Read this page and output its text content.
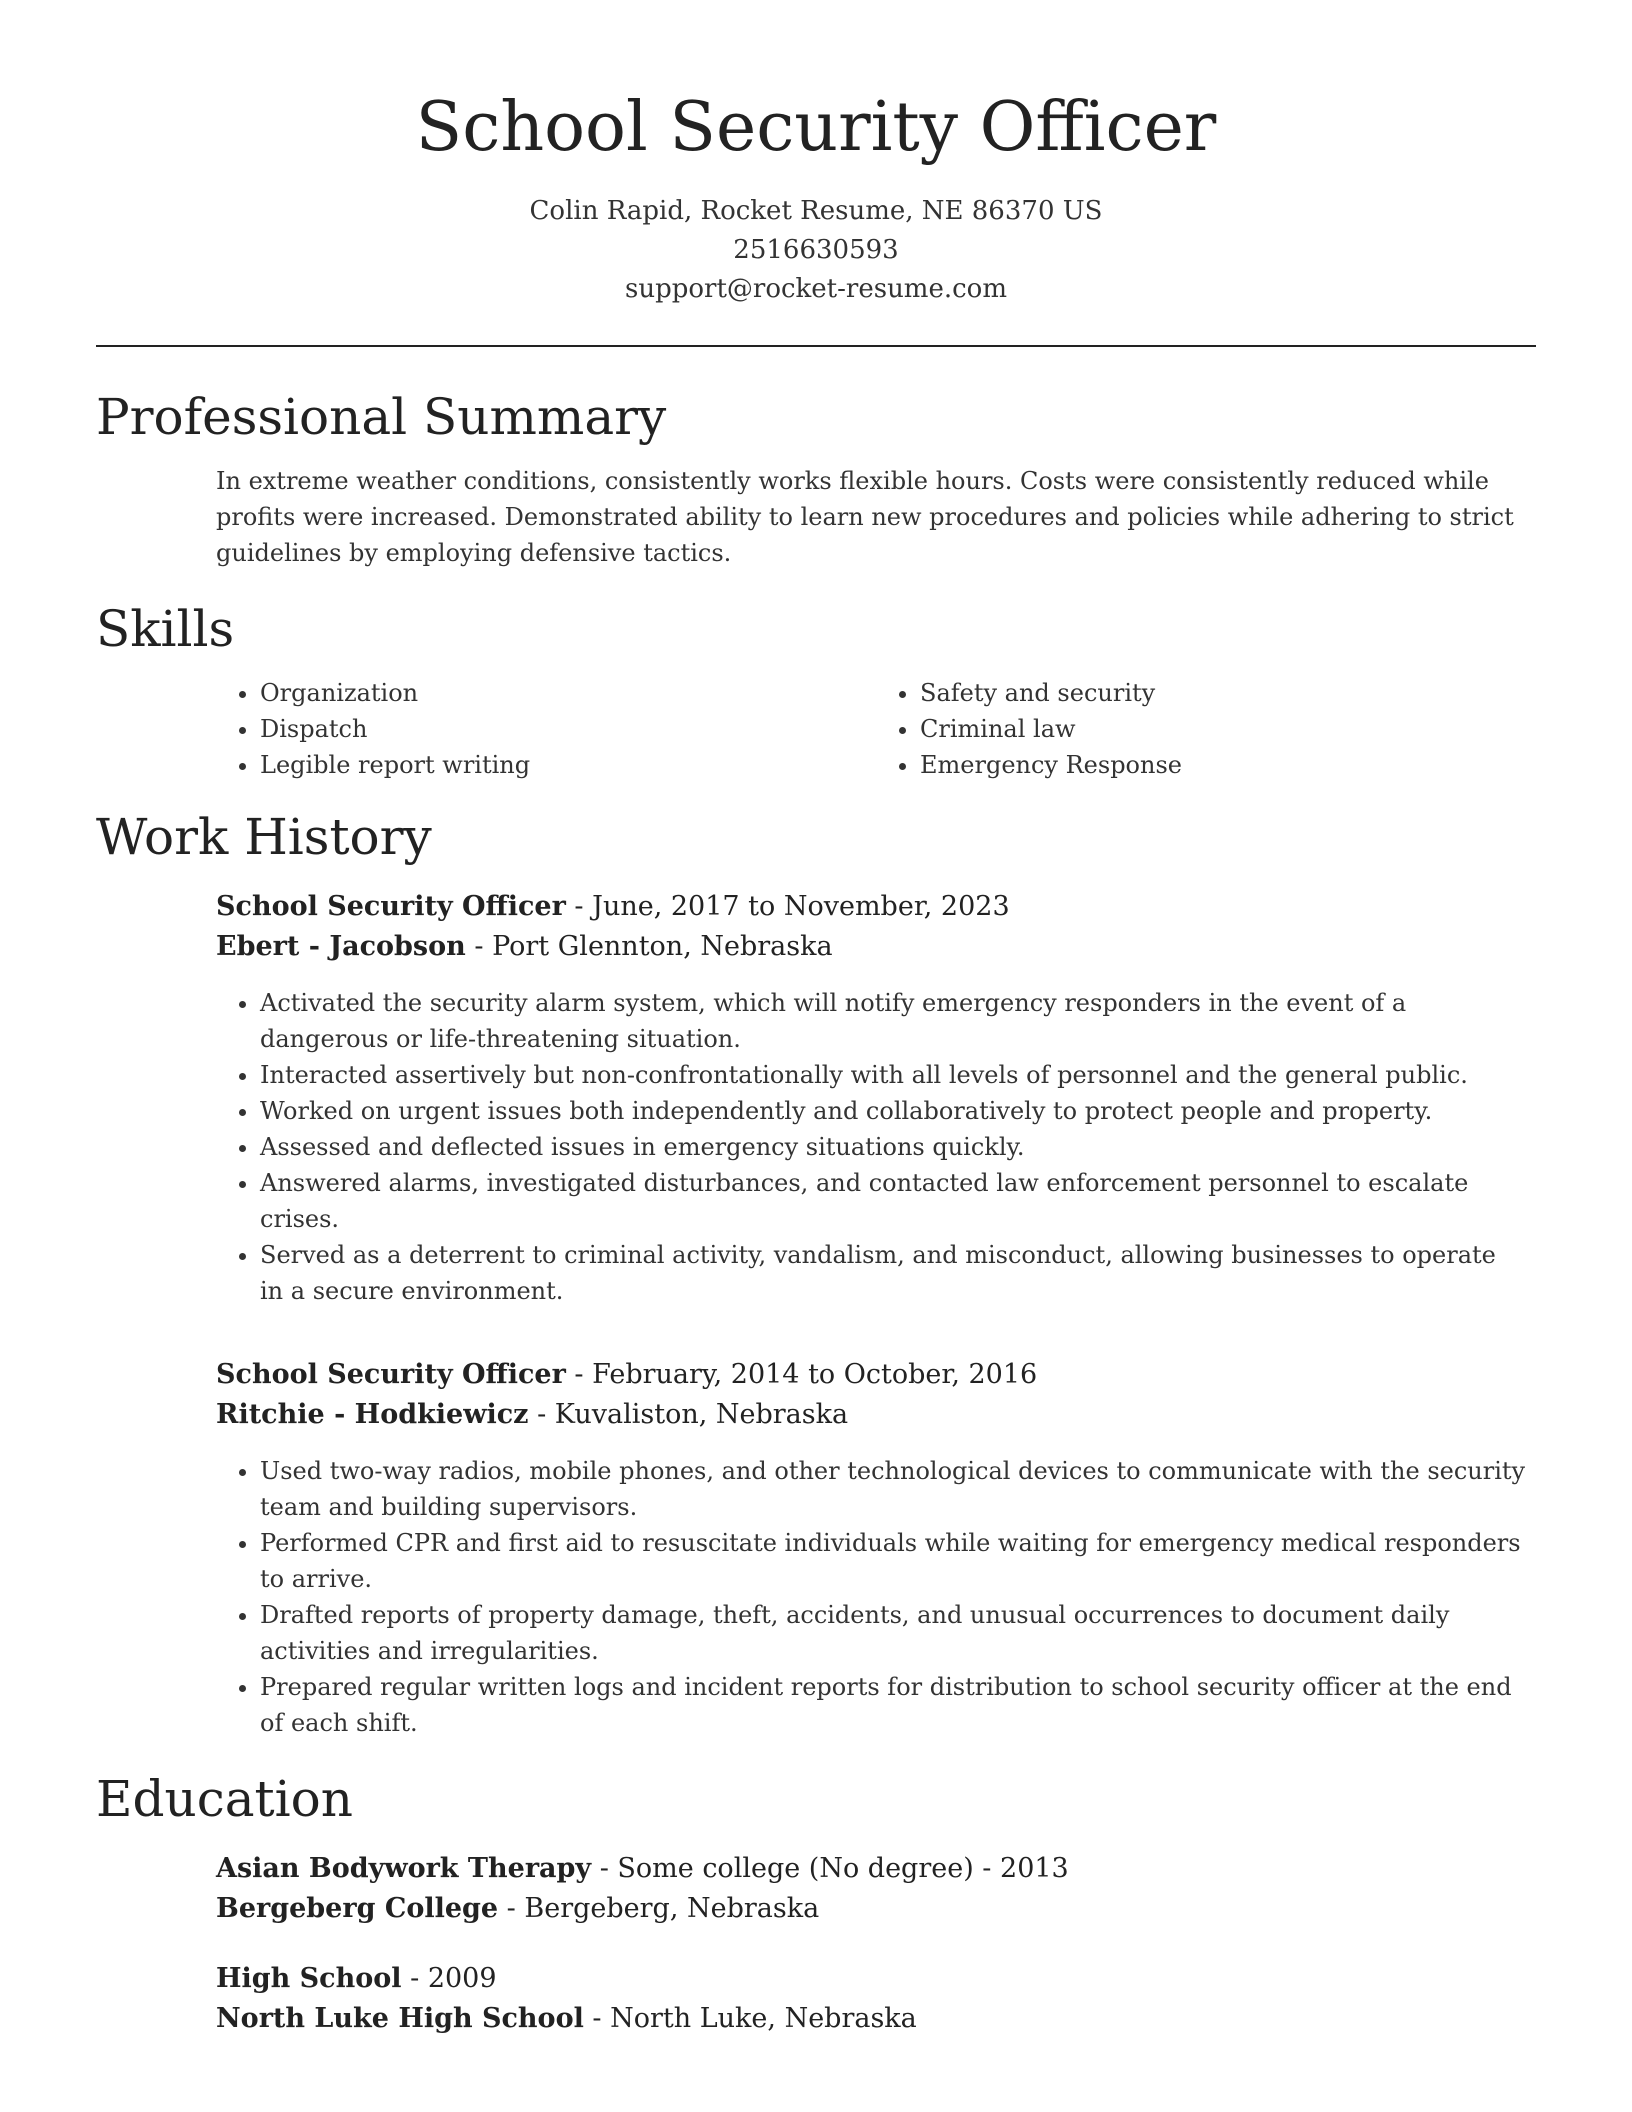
School Security Officer
Colin Rapid, Rocket Resume, NE 86370 US
2516630593
support@rocket-resume.com
Professional Summary
In extreme weather conditions, consistently works flexible hours. Costs were consistently reduced while profits were increased. Demonstrated ability to learn new procedures and policies while adhering to strict guidelines by employing defensive tactics.
Skills
• Organization
• Dispatch
• Legible report writing
• Safety and security
• Criminal law
• Emergency Response
Work History
School Security Officer - June, 2017 to November, 2023
Ebert - Jacobson - Port Glennton, Nebraska
• Activated the security alarm system, which will notify emergency responders in the event of a dangerous or life-threatening situation.
• Interacted assertively but non-confrontationally with all levels of personnel and the general public.
• Worked on urgent issues both independently and collaboratively to protect people and property.
• Assessed and deflected issues in emergency situations quickly.
• Answered alarms, investigated disturbances, and contacted law enforcement personnel to escalate crises.
• Served as a deterrent to criminal activity, vandalism, and misconduct, allowing businesses to operate in a secure environment.
School Security Officer - February, 2014 to October, 2016
Ritchie - Hodkiewicz - Kuvaliston, Nebraska
• Used two-way radios, mobile phones, and other technological devices to communicate with the security team and building supervisors.
• Performed CPR and first aid to resuscitate individuals while waiting for emergency medical responders to arrive.
• Drafted reports of property damage, theft, accidents, and unusual occurrences to document daily activities and irregularities.
• Prepared regular written logs and incident reports for distribution to school security officer at the end of each shift.
Education
Asian Bodywork Therapy - Some college (No degree) - 2013
Bergeberg College - Bergeberg, Nebraska
High School - 2009
North Luke High School - North Luke, Nebraska
